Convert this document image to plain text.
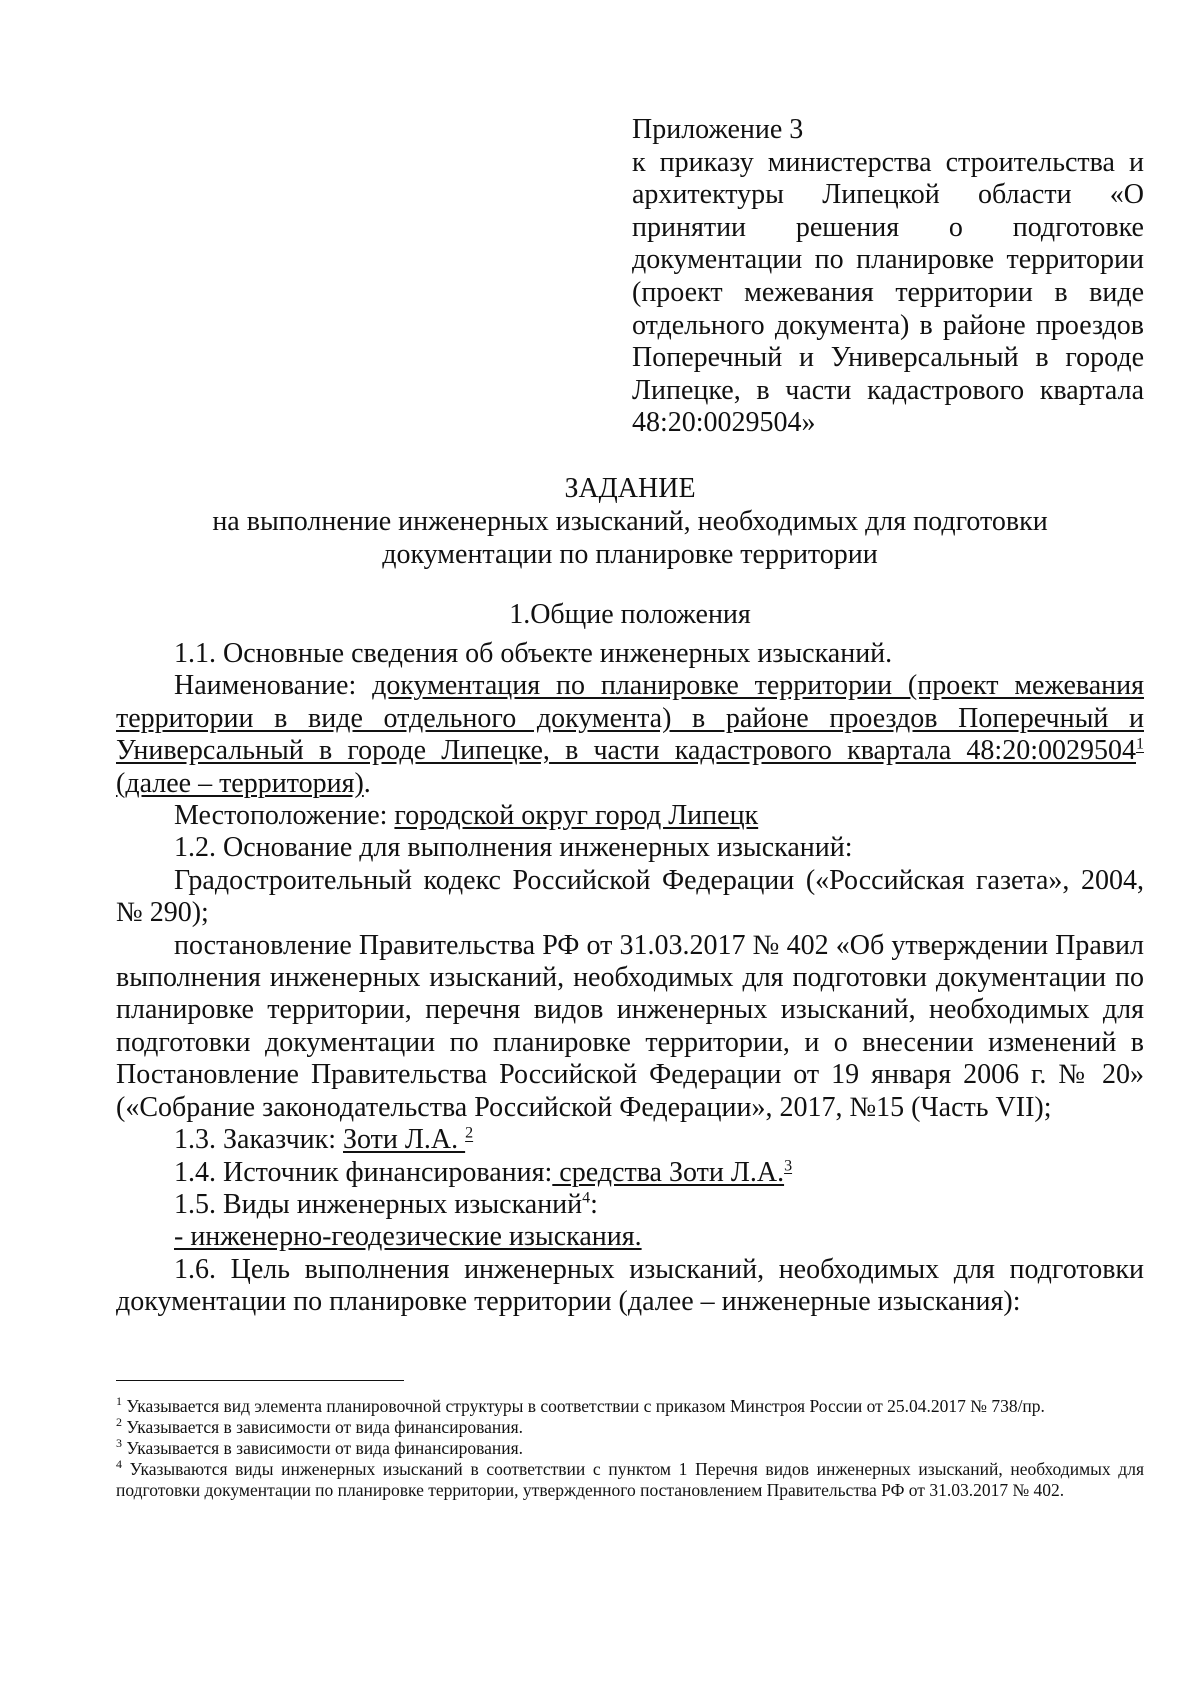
Приложение 3
к приказу министерства строительства и архитектуры Липецкой области «О принятии решения о подготовке документации по планировке территории (проект межевания территории в виде отдельного документа) в районе проездов Поперечный и Универсальный в городе Липецке, в части кадастрового квартала 48:20:0029504»
ЗАДАНИЕ
на выполнение инженерных изысканий, необходимых для подготовки
документации по планировке территории
1.Общие положения

1.1. Основные сведения об объекте инженерных изысканий.

Наименование: документация по планировке территории (проект межевания территории в виде отдельного документа) в районе проездов Поперечный и Универсальный в городе Липецке, в части кадастрового квартала 48:20:0029504$^1$ (далее – территория).

Местоположение: городской округ город Липецк

1.2. Основание для выполнения инженерных изысканий:

Градостроительный кодекс Российской Федерации («Российская газета», 2004, № 290);

постановление Правительства РФ от 31.03.2017 № 402 «Об утверждении Правил выполнения инженерных изысканий, необходимых для подготовки документации по планировке территории, перечня видов инженерных изысканий, необходимых для подготовки документации по планировке территории, и о внесении изменений в Постановление Правительства Российской Федерации от 19 января 2006 г. № 20» («Собрание законодательства Российской Федерации», 2017, №15 (Часть VII);

1.3. Заказчик: Зоти Л.А. $^2$

1.4. Источник финансирования: средства Зоти Л.А.$^3$

1.5. Виды инженерных изысканий$^4$:

- инженерно-геодезические изыскания.

1.6. Цель выполнения инженерных изысканий, необходимых для подготовки документации по планировке территории (далее – инженерные изыскания):

$^1$ Указывается вид элемента планировочной структуры в соответствии с приказом Минстроя России от 25.04.2017 № 738/пр.

$^2$ Указывается в зависимости от вида финансирования.

$^3$ Указывается в зависимости от вида финансирования.

$^4$ Указываются виды инженерных изысканий в соответствии с пунктом 1 Перечня видов инженерных изысканий, необходимых для подготовки документации по планировке территории, утвержденного постановлением Правительства РФ от 31.03.2017 № 402.
